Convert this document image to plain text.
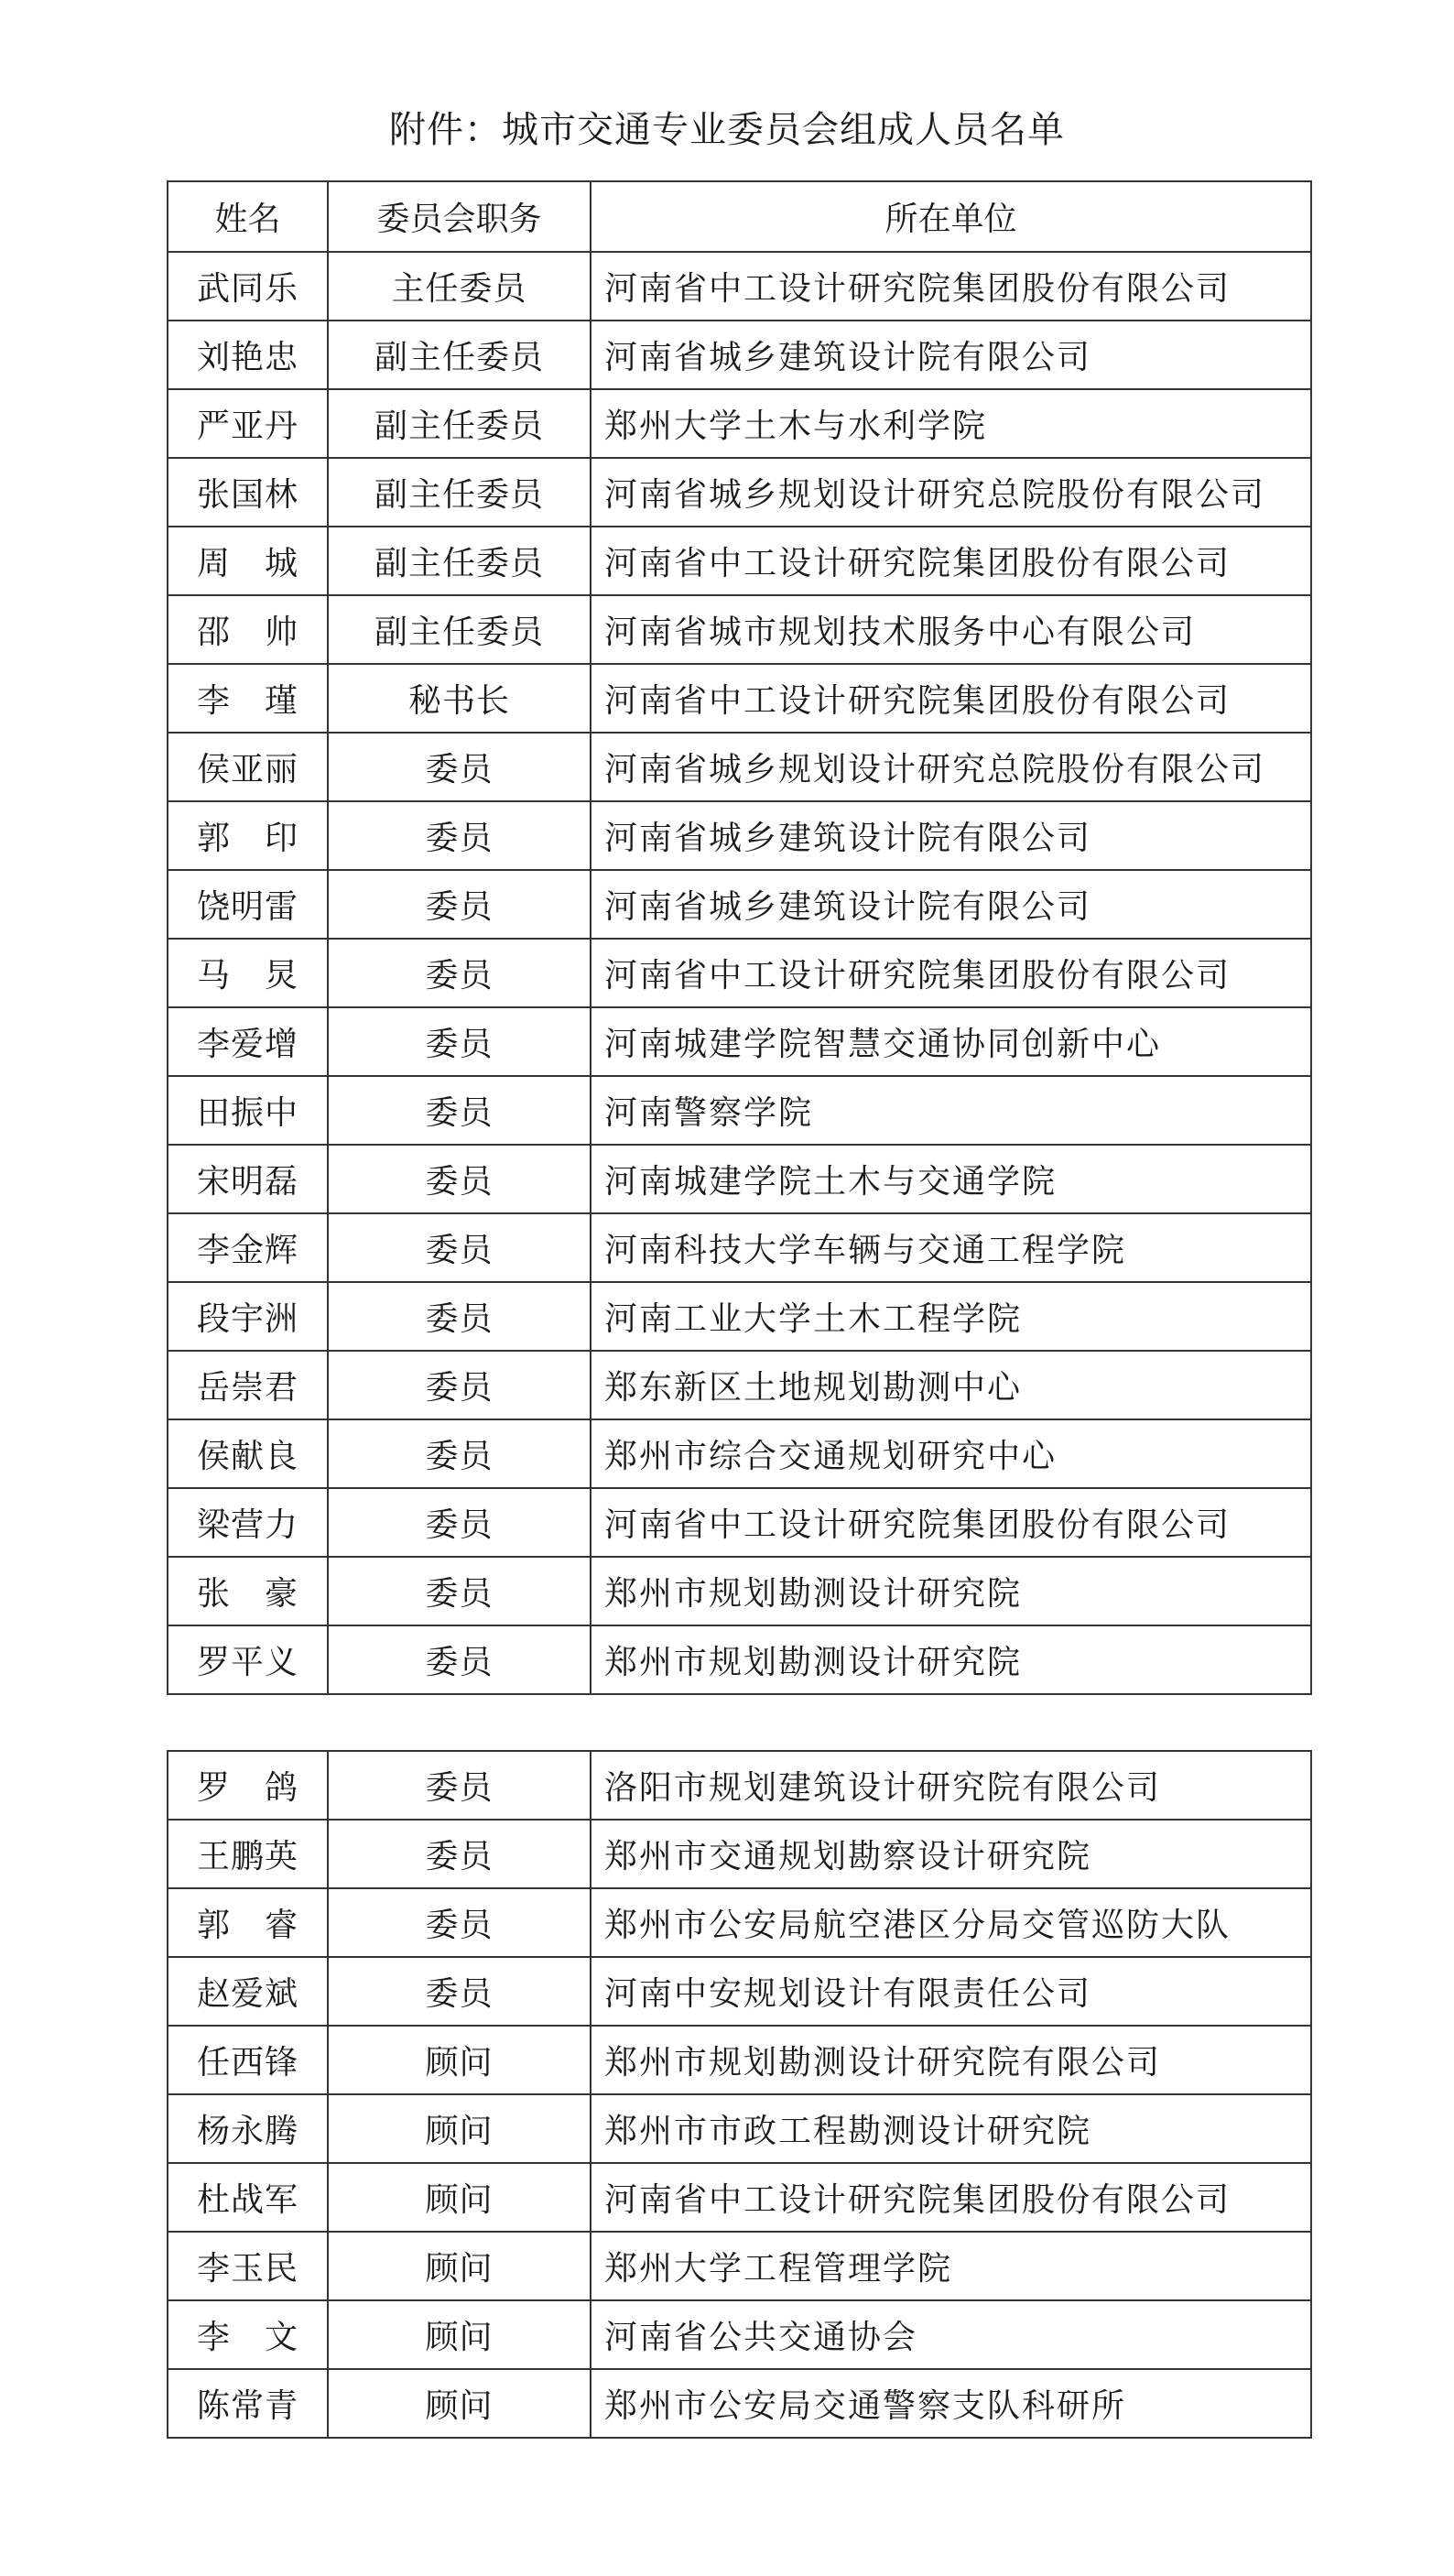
附件：城市交通专业委员会组成人员名单
姓名	委员会职务	所在单位
武同乐	主任委员	河南省中工设计研究院集团股份有限公司
刘艳忠	副主任委员	河南省城乡建筑设计院有限公司
严亚丹	副主任委员	郑州大学土木与水利学院
张国林	副主任委员	河南省城乡规划设计研究总院股份有限公司
周　城	副主任委员	河南省中工设计研究院集团股份有限公司
邵　帅	副主任委员	河南省城市规划技术服务中心有限公司
李　瑾	秘书长	河南省中工设计研究院集团股份有限公司
侯亚丽	委员	河南省城乡规划设计研究总院股份有限公司
郭　印	委员	河南省城乡建筑设计院有限公司
饶明雷	委员	河南省城乡建筑设计院有限公司
马　炅	委员	河南省中工设计研究院集团股份有限公司
李爱增	委员	河南城建学院智慧交通协同创新中心
田振中	委员	河南警察学院
宋明磊	委员	河南城建学院土木与交通学院
李金辉	委员	河南科技大学车辆与交通工程学院
段宇洲	委员	河南工业大学土木工程学院
岳崇君	委员	郑东新区土地规划勘测中心
侯献良	委员	郑州市综合交通规划研究中心
梁营力	委员	河南省中工设计研究院集团股份有限公司
张　豪	委员	郑州市规划勘测设计研究院
罗平义	委员	郑州市规划勘测设计研究院
罗　鸽	委员	洛阳市规划建筑设计研究院有限公司
王鹏英	委员	郑州市交通规划勘察设计研究院
郭　睿	委员	郑州市公安局航空港区分局交管巡防大队
赵爱斌	委员	河南中安规划设计有限责任公司
任西锋	顾问	郑州市规划勘测设计研究院有限公司
杨永腾	顾问	郑州市市政工程勘测设计研究院
杜战军	顾问	河南省中工设计研究院集团股份有限公司
李玉民	顾问	郑州大学工程管理学院
李　文	顾问	河南省公共交通协会
陈常青	顾问	郑州市公安局交通警察支队科研所
